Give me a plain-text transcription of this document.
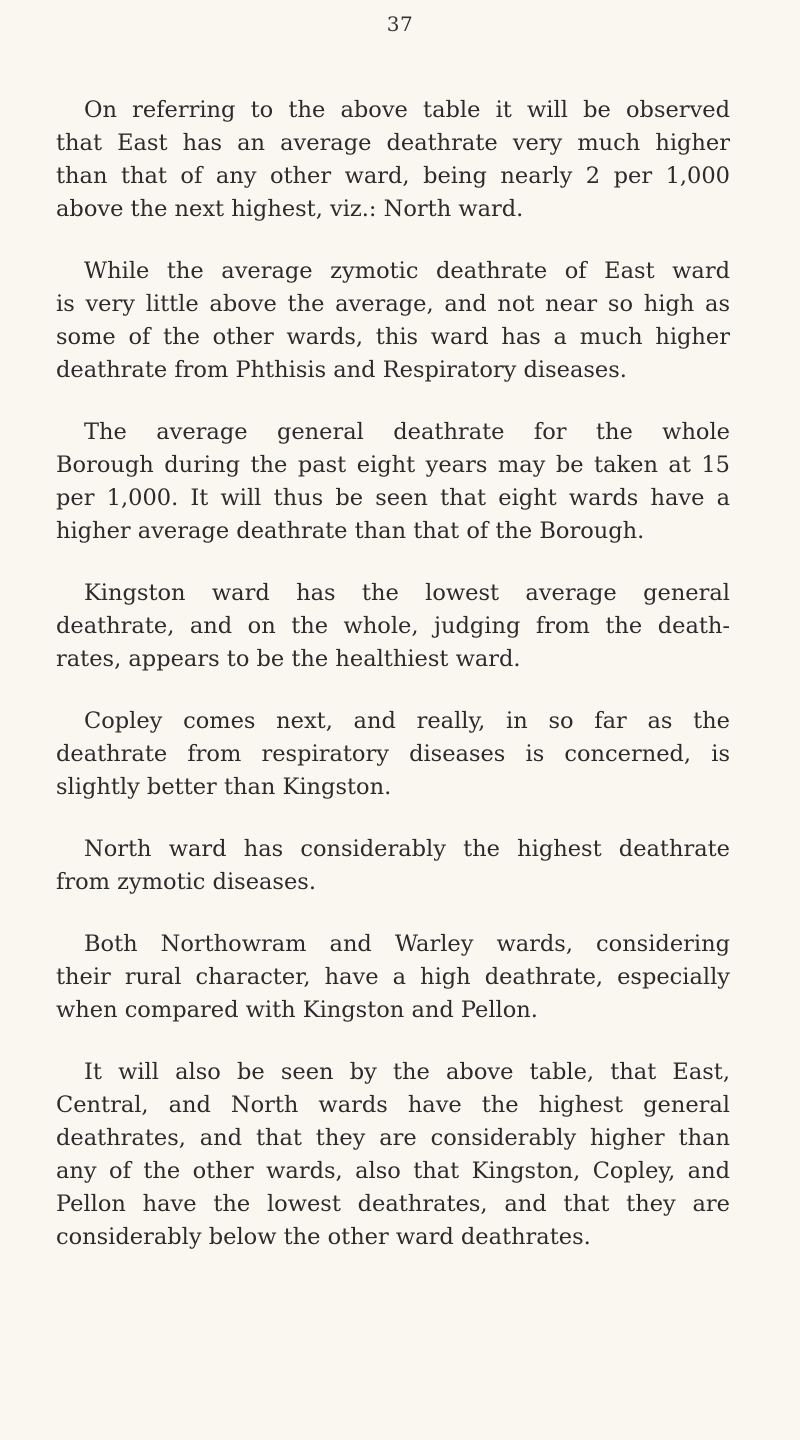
37

On referring to the above table it will be observed
that East has an average deathrate very much higher
than that of any other ward, being nearly 2 per 1,000
above the next highest, viz.: North ward.

While the average zymotic deathrate of East ward
is very little above the average, and not near so high as
some of the other wards, this ward has a much higher
deathrate from Phthisis and Respiratory diseases.

The average general deathrate for the whole
Borough during the past eight years may be taken at 15
per 1,000. It will thus be seen that eight wards have a
higher average deathrate than that of the Borough.

Kingston ward has the lowest average general
deathrate, and on the whole, judging from the death-
rates, appears to be the healthiest ward.

Copley comes next, and really, in so far as the
deathrate from respiratory diseases is concerned, is
slightly better than Kingston.

North ward has considerably the highest deathrate
from zymotic diseases.

Both Northowram and Warley wards, considering
their rural character, have a high deathrate, especially
when compared with Kingston and Pellon.

It will also be seen by the above table, that East,
Central, and North wards have the highest general
deathrates, and that they are considerably higher than
any of the other wards, also that Kingston, Copley, and
Pellon have the lowest deathrates, and that they are
considerably below the other ward deathrates.
